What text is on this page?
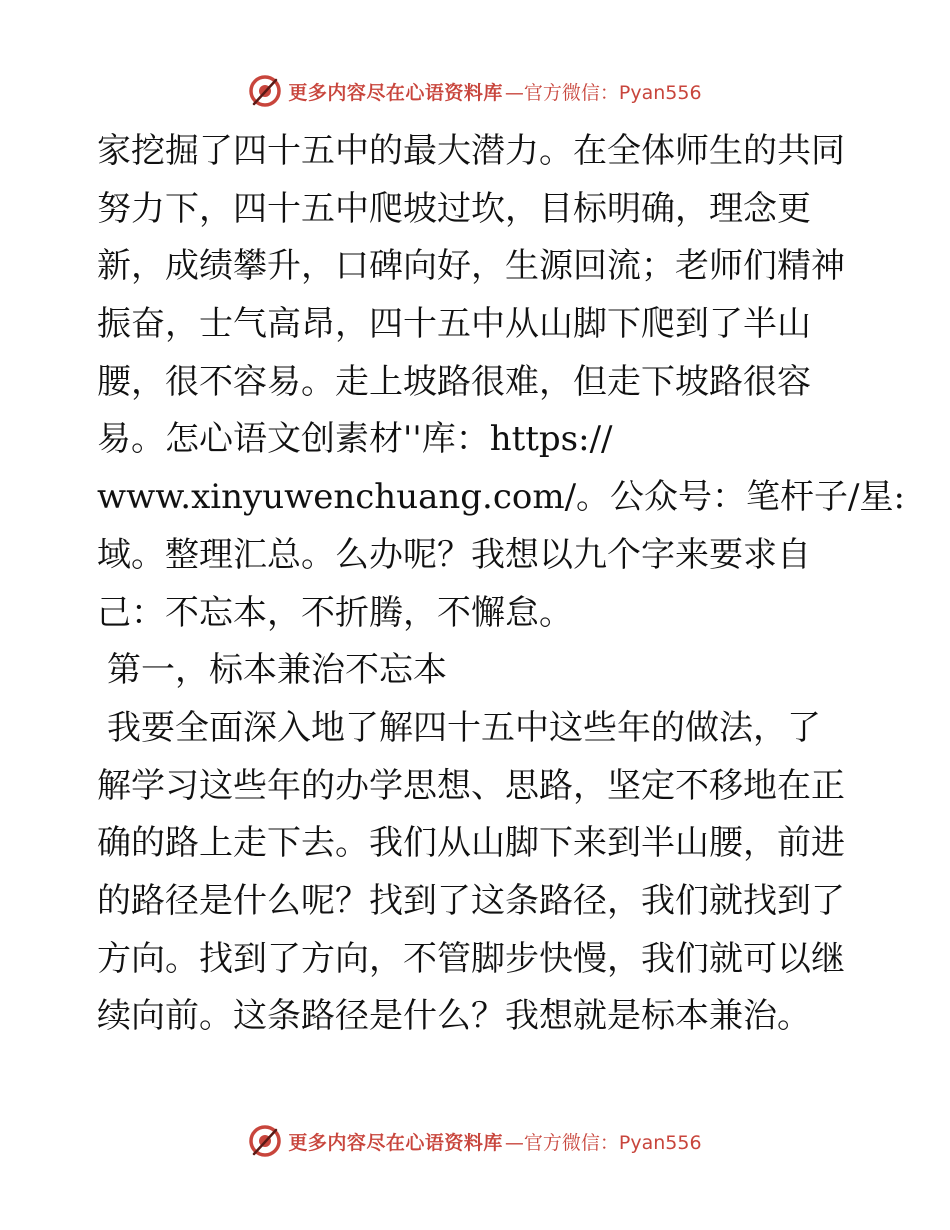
更多内容尽在心语资料库 —官方微信：Pyan556
家挖掘了四十五中的最大潜力。在全体师生的共同
努力下，四十五中爬坡过坎，目标明确，理念更
新，成绩攀升，口碑向好，生源回流；老师们精神
振奋，士气高昂，四十五中从山脚下爬到了半山
腰，很不容易。走上坡路很难，但走下坡路很容
易。怎心语文创素材''库：https://
www.xinyuwenchuang.com/。公众号：笔杆子/星:
域。整理汇总。么办呢？我想以九个字来要求自
己：不忘本，不折腾，不懈怠。
第一，标本兼治不忘本
我要全面深入地了解四十五中这些年的做法，了
解学习这些年的办学思想、思路，坚定不移地在正
确的路上走下去。我们从山脚下来到半山腰，前进
的路径是什么呢？找到了这条路径，我们就找到了
方向。找到了方向，不管脚步快慢，我们就可以继
续向前。这条路径是什么？我想就是标本兼治。
更多内容尽在心语资料库 —官方微信：Pyan556
